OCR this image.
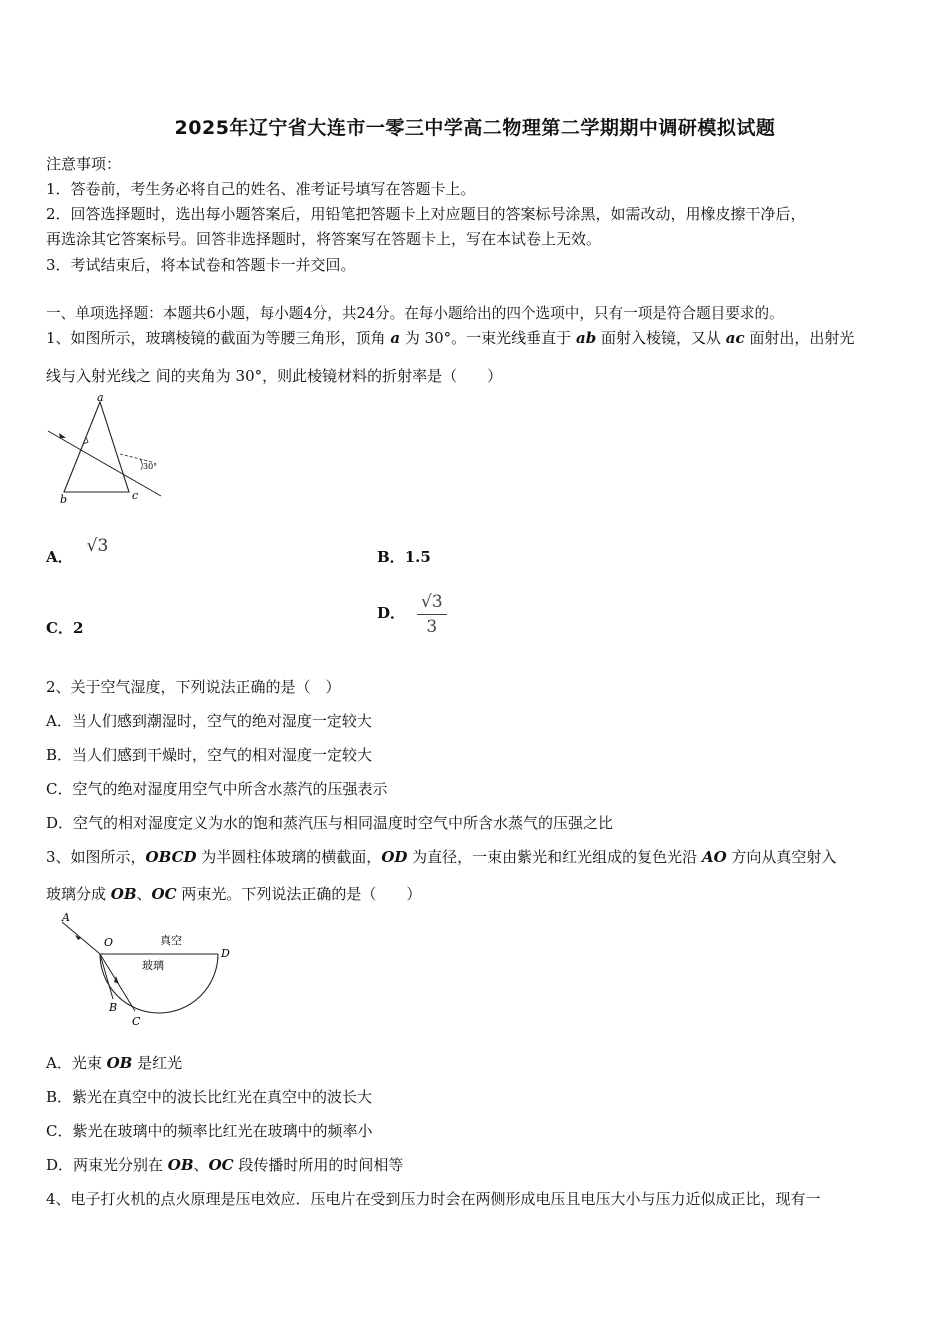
2025年辽宁省大连市一零三中学高二物理第二学期期中调研模拟试题
注意事项：
1．答卷前，考生务必将自己的姓名、准考证号填写在答题卡上。
2．回答选择题时，选出每小题答案后，用铅笔把答题卡上对应题目的答案标号涂黑，如需改动，用橡皮擦干净后，
再选涂其它答案标号。回答非选择题时，将答案写在答题卡上，写在本试卷上无效。
3．考试结束后，将本试卷和答题卡一并交回。
一、单项选择题：本题共6小题，每小题4分，共24分。在每小题给出的四个选项中，只有一项是符合题目要求的。
1、如图所示，玻璃棱镜的截面为等腰三角形，顶角 a 为 30°。一束光线垂直于 ab 面射入棱镜，又从 ac 面射出，出射光
线与入射光线之 间的夹角为 30°，则此棱镜材料的折射率是（　　）
a
b	c
30°
A．√3
B．1.5
C．2
D． $\frac{√3}{3}$
2、关于空气湿度，下列说法正确的是（　）
A．当人们感到潮湿时，空气的绝对湿度一定较大
B．当人们感到干燥时，空气的相对湿度一定较大
C．空气的绝对湿度用空气中所含水蒸汽的压强表示
D．空气的相对湿度定义为水的饱和蒸汽压与相同温度时空气中所含水蒸气的压强之比
3、如图所示，OBCD 为半圆柱体玻璃的横截面，OD 为直径，一束由紫光和红光组成的复色光沿 AO 方向从真空射入
玻璃分成 OB、OC 两束光。下列说法正确的是（　　）
A
O
D
B
C
真空
玻璃
A．光束 OB 是红光
B．紫光在真空中的波长比红光在真空中的波长大
C．紫光在玻璃中的频率比红光在玻璃中的频率小
D．两束光分别在 OB、OC 段传播时所用的时间相等
4、电子打火机的点火原理是压电效应．压电片在受到压力时会在两侧形成电压且电压大小与压力近似成正比，现有一
